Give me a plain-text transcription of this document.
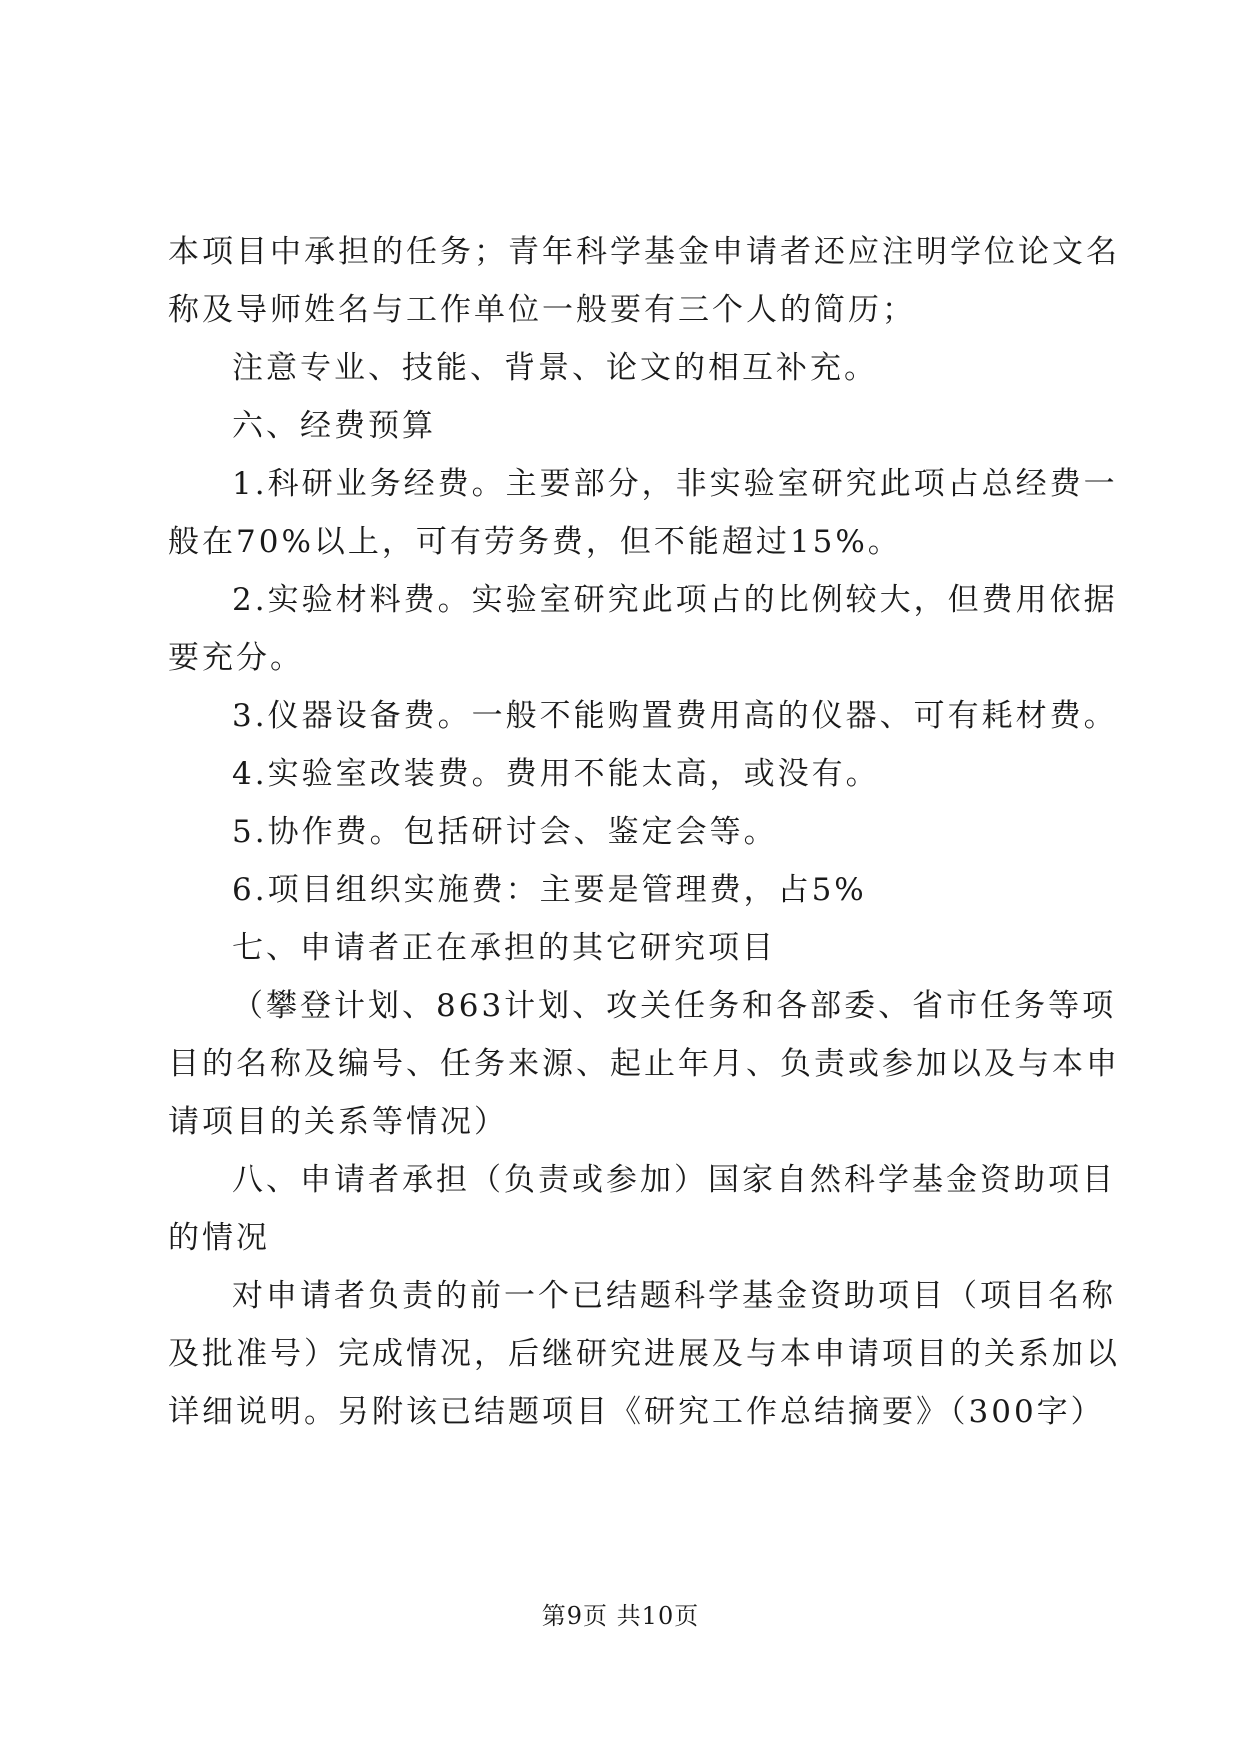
本项目中承担的任务；青年科学基金申请者还应注明学位论文名
称及导师姓名与工作单位一般要有三个人的简历；
注意专业、技能、背景、论文的相互补充。
六、经费预算
1.科研业务经费。主要部分，非实验室研究此项占总经费一
般在70%以上，可有劳务费，但不能超过15%。
2.实验材料费。实验室研究此项占的比例较大，但费用依据
要充分。
3.仪器设备费。一般不能购置费用高的仪器、可有耗材费。
4.实验室改装费。费用不能太高，或没有。
5.协作费。包括研讨会、鉴定会等。
6.项目组织实施费：主要是管理费，占5%
七、申请者正在承担的其它研究项目
（攀登计划、863计划、攻关任务和各部委、省市任务等项
目的名称及编号、任务来源、起止年月、负责或参加以及与本申
请项目的关系等情况）
八、申请者承担（负责或参加）国家自然科学基金资助项目
的情况
对申请者负责的前一个已结题科学基金资助项目（项目名称
及批准号）完成情况，后继研究进展及与本申请项目的关系加以
详细说明。另附该已结题项目《研究工作总结摘要》（300字）
第9页 共10页
